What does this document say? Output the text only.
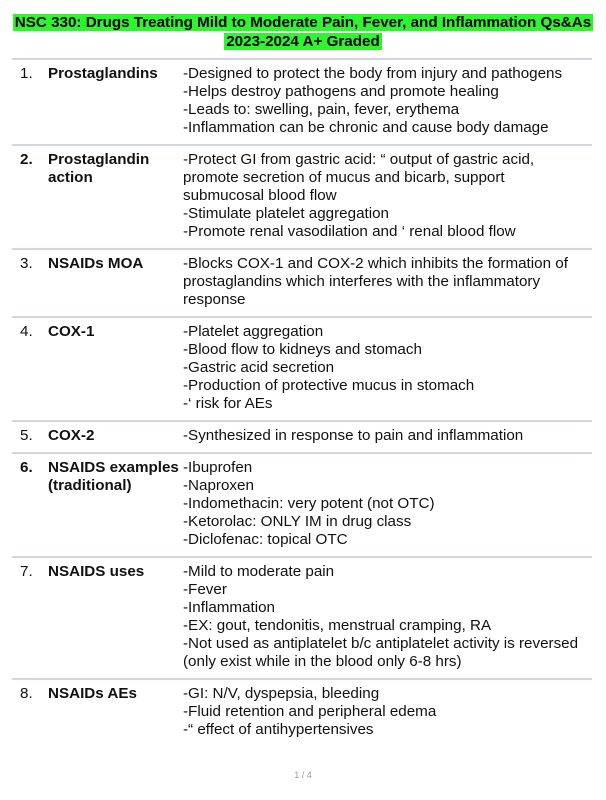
NSC 330: Drugs Treating Mild to Moderate Pain, Fever, and Inflammation Qs&As 2023-2024 A+ Graded
1.	Prostaglandins	-Designed to protect the body from injury and pathogens
-Helps destroy pathogens and promote healing
-Leads to: swelling, pain, fever, erythema
-Inflammation can be chronic and cause body damage
2.	Prostaglandin action
-Protect GI from gastric acid: “ output of gastric acid, promote secretion of mucus and bicarb, support submucosal blood flow
-Stimulate platelet aggregation
-Promote renal vasodilation and ‘ renal blood flow
3.	NSAIDs MOA	-Blocks COX-1 and COX-2 which inhibits the formation of prostaglandins which interferes with the inflammatory response
4.	COX-1	-Platelet aggregation
-Blood flow to kidneys and stomach
-Gastric acid secretion
-Production of protective mucus in stomach
-‘ risk for AEs
5.	COX-2	-Synthesized in response to pain and inflammation
6.	NSAIDS examples (traditional)
-Ibuprofen
-Naproxen
-Indomethacin: very potent (not OTC)
-Ketorolac: ONLY IM in drug class
-Diclofenac: topical OTC
7.	NSAIDS uses	-Mild to moderate pain
-Fever
-Inflammation
-EX: gout, tendonitis, menstrual cramping, RA
-Not used as antiplatelet b/c antiplatelet activity is reversed (only exist while in the blood only 6-8 hrs)
8.	NSAIDs AEs	-GI: N/V, dyspepsia, bleeding
-Fluid retention and peripheral edema
-“ effect of antihypertensives
1 / 4
